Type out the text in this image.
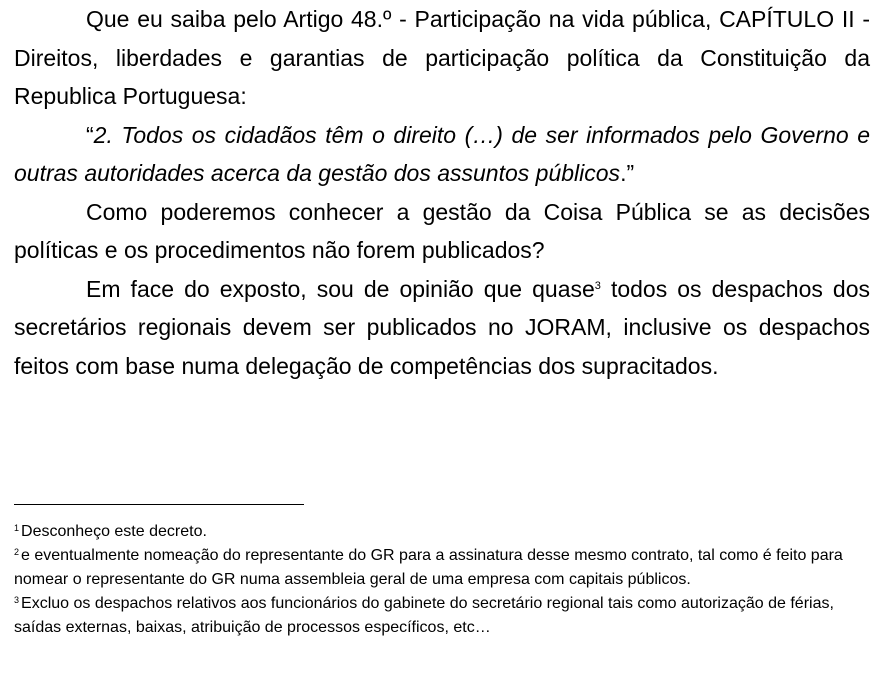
Que eu saiba pelo Artigo 48.º - Participação na vida pública, CAPÍTULO II -Direitos, liberdades e garantias de participação política da Constituição da Republica Portuguesa:

“2. Todos os cidadãos têm o direito (…) de ser informados pelo Governo e outras autoridades acerca da gestão dos assuntos públicos.”

Como poderemos conhecer a gestão da Coisa Pública se as decisões políticas e os procedimentos não forem publicados?

Em face do exposto, sou de opinião que quase$^3$ todos os despachos dos secretários regionais devem ser publicados no JORAM, inclusive os despachos feitos com base numa delegação de competências dos supracitados.

$^1$ Desconheço este decreto.

$^2$ e eventualmente nomeação do representante do GR para a assinatura desse mesmo contrato, tal como é feito para nomear o representante do GR numa assembleia geral de uma empresa com capitais públicos.

$^3$ Excluo os despachos relativos aos funcionários do gabinete do secretário regional tais como autorização de férias, saídas externas, baixas, atribuição de processos específicos, etc…
